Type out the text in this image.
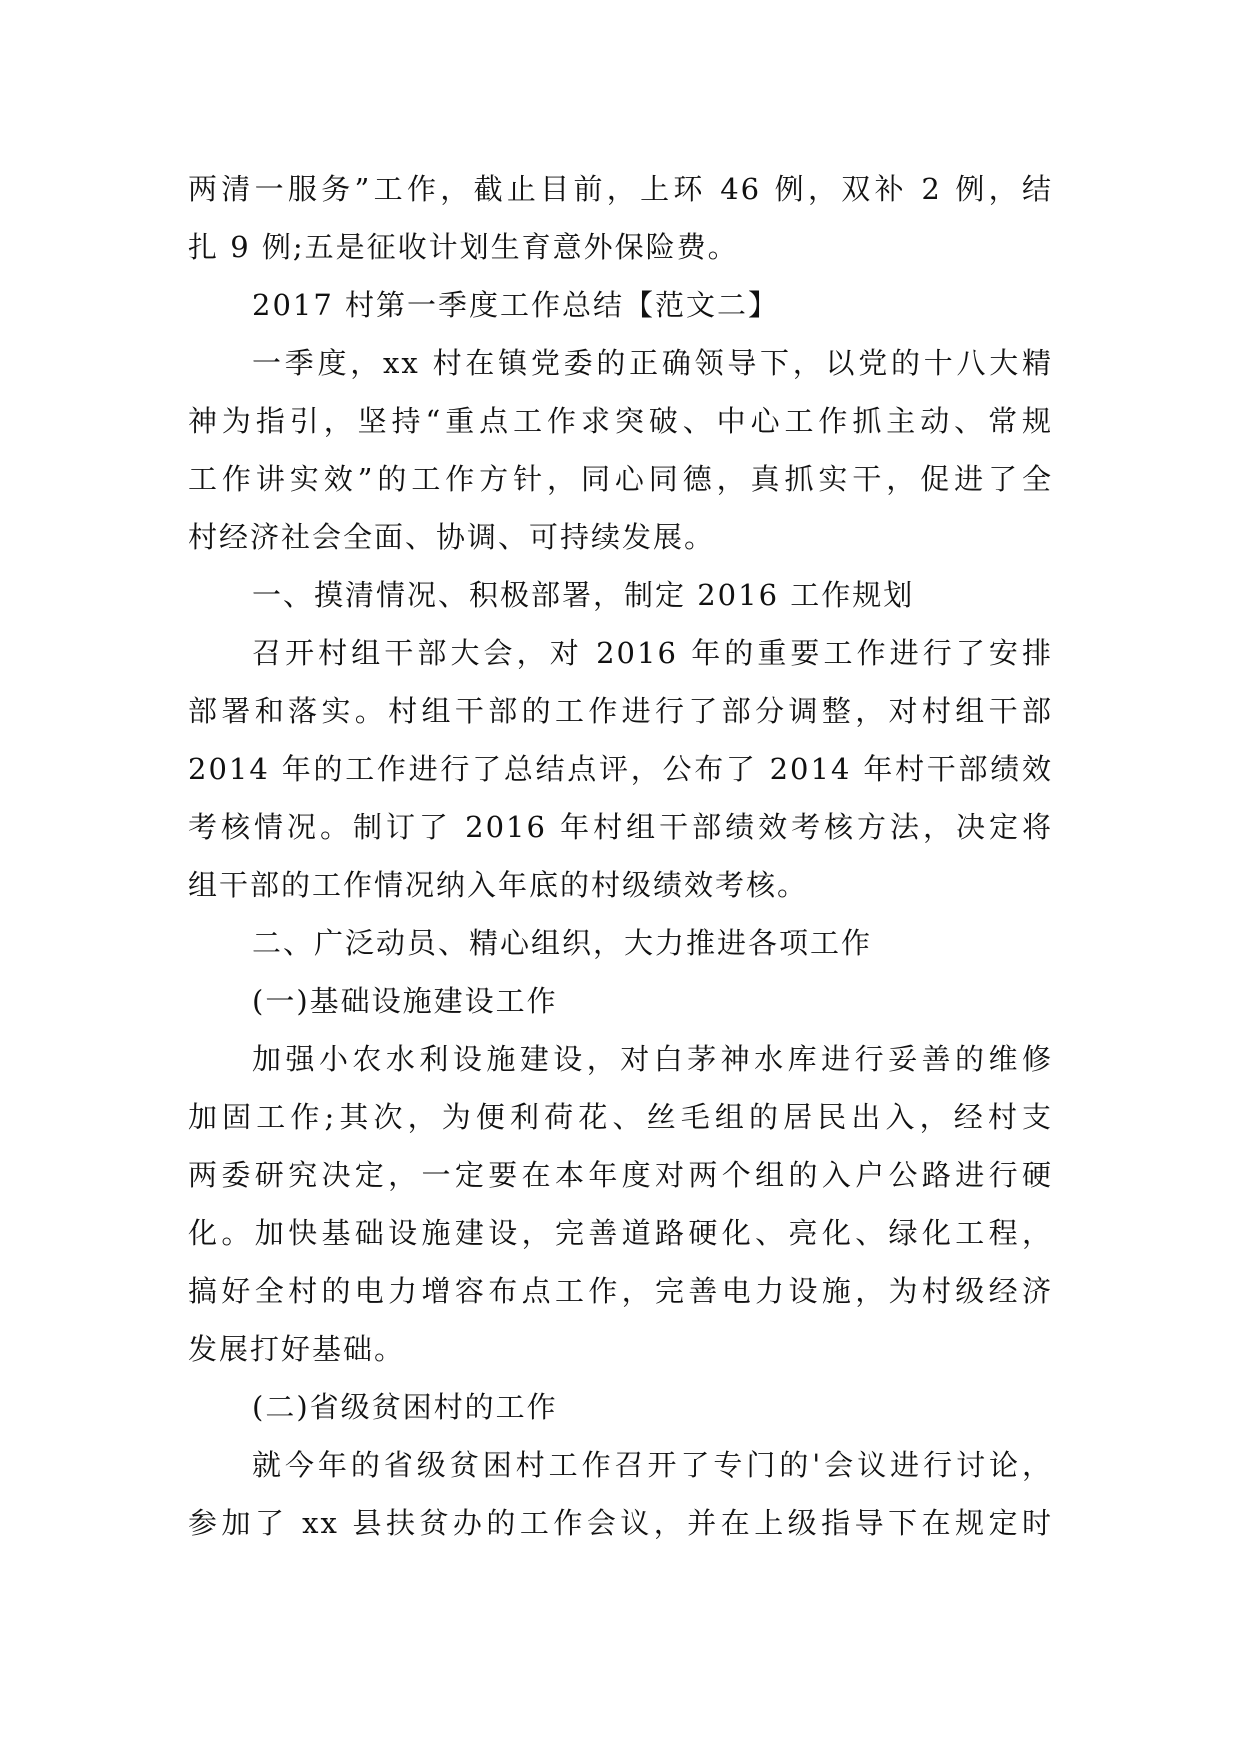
两清一服务”工作，截止目前，上环 46 例，双补 2 例，结
扎 9 例;五是征收计划生育意外保险费。
2017 村第一季度工作总结【范文二】
一季度，xx 村在镇党委的正确领导下，以党的十八大精
神为指引，坚持“重点工作求突破、中心工作抓主动、常规
工作讲实效”的工作方针，同心同德，真抓实干，促进了全
村经济社会全面、协调、可持续发展。
一、摸清情况、积极部署，制定 2016 工作规划
召开村组干部大会，对 2016 年的重要工作进行了安排
部署和落实。村组干部的工作进行了部分调整，对村组干部
2014 年的工作进行了总结点评，公布了 2014 年村干部绩效
考核情况。制订了 2016 年村组干部绩效考核方法，决定将
组干部的工作情况纳入年底的村级绩效考核。
二、广泛动员、精心组织，大力推进各项工作
(一)基础设施建设工作
加强小农水利设施建设，对白茅神水库进行妥善的维修
加固工作;其次，为便利荷花、丝毛组的居民出入，经村支
两委研究决定，一定要在本年度对两个组的入户公路进行硬
化。加快基础设施建设，完善道路硬化、亮化、绿化工程，
搞好全村的电力增容布点工作，完善电力设施，为村级经济
发展打好基础。
(二)省级贫困村的工作
就今年的省级贫困村工作召开了专门的'会议进行讨论，
参加了 xx 县扶贫办的工作会议，并在上级指导下在规定时
